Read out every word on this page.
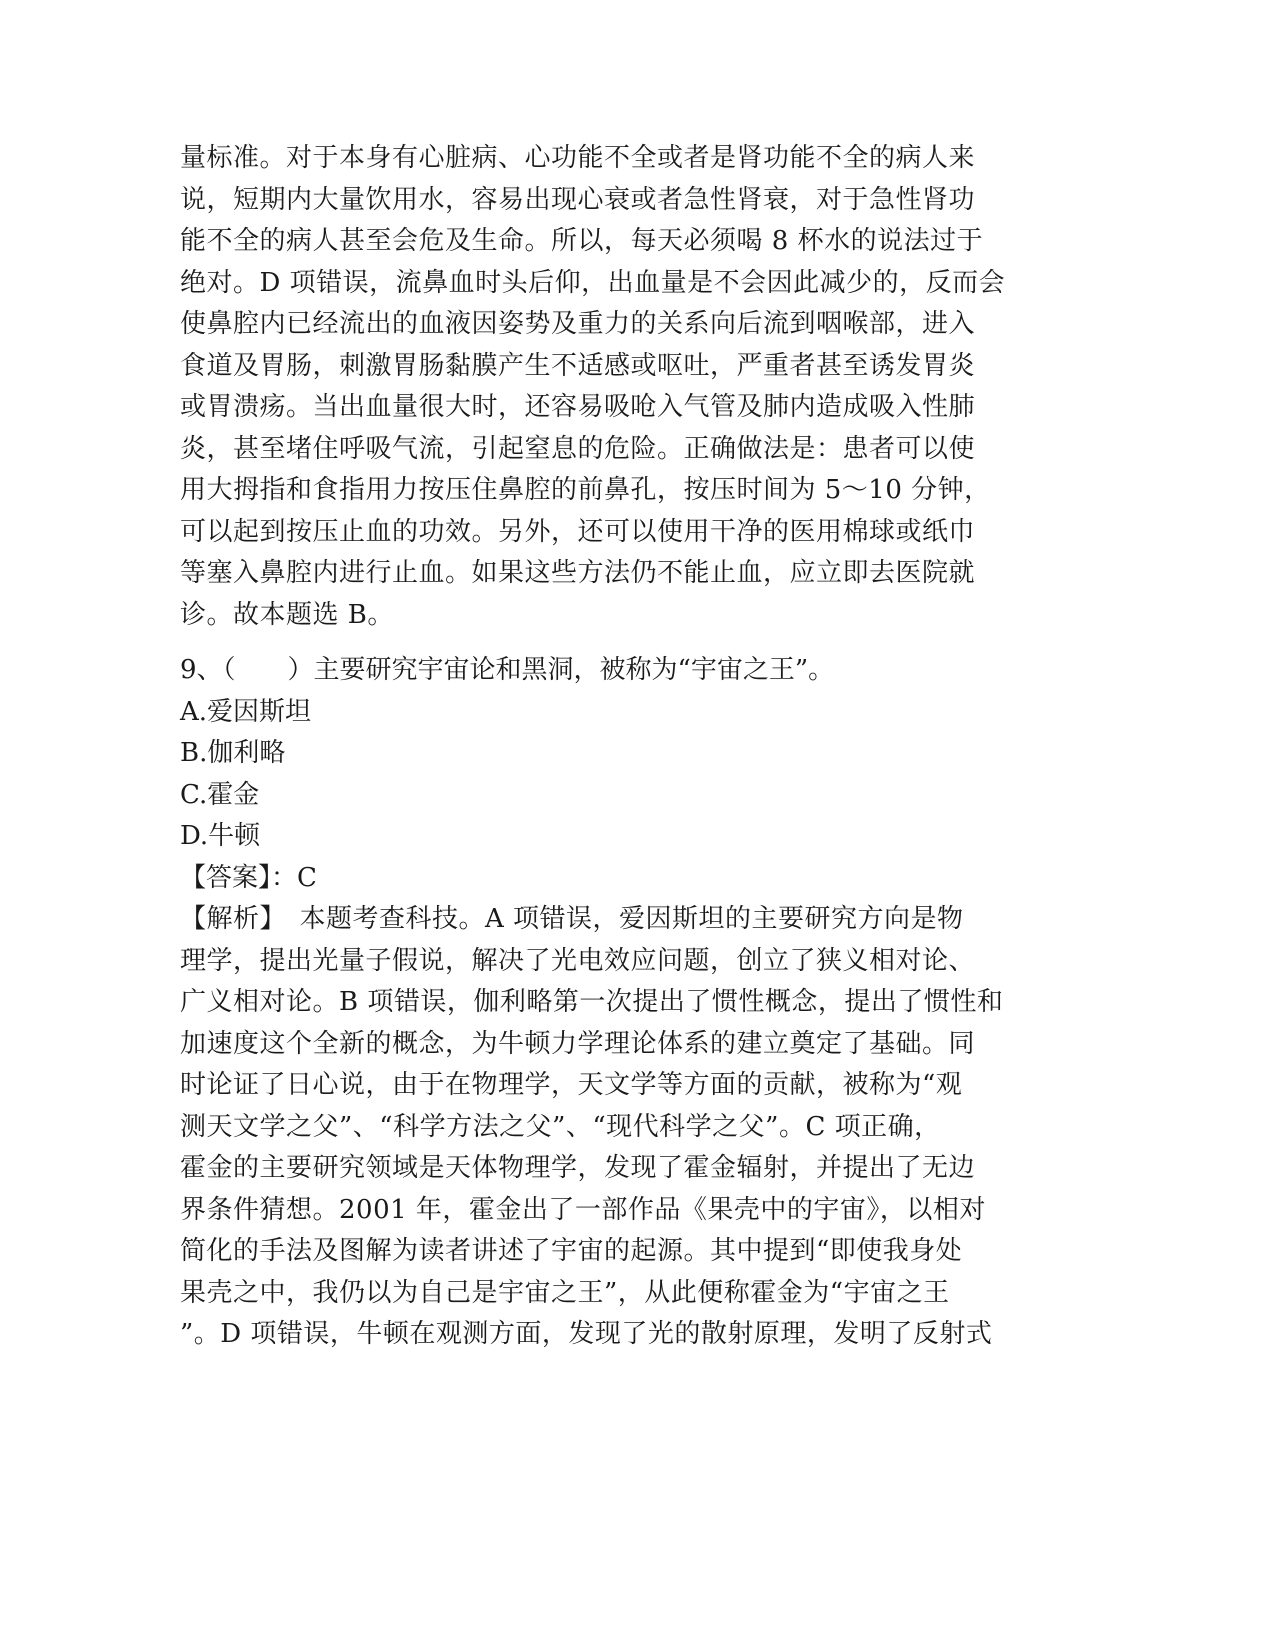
量标准。对于本身有心脏病、心功能不全或者是肾功能不全的病人来
说，短期内大量饮用水，容易出现心衰或者急性肾衰，对于急性肾功
能不全的病人甚至会危及生命。所以，每天必须喝 8 杯水的说法过于
绝对。D 项错误，流鼻血时头后仰，出血量是不会因此减少的，反而会
使鼻腔内已经流出的血液因姿势及重力的关系向后流到咽喉部，进入
食道及胃肠，刺激胃肠黏膜产生不适感或呕吐，严重者甚至诱发胃炎
或胃溃疡。当出血量很大时，还容易吸呛入气管及肺内造成吸入性肺
炎，甚至堵住呼吸气流，引起窒息的危险。正确做法是：患者可以使
用大拇指和食指用力按压住鼻腔的前鼻孔，按压时间为 5～10 分钟，
可以起到按压止血的功效。另外，还可以使用干净的医用棉球或纸巾
等塞入鼻腔内进行止血。如果这些方法仍不能止血，应立即去医院就
诊。故本题选 B。
9、（　　）主要研究宇宙论和黑洞，被称为“宇宙之王”。
A.爱因斯坦
B.伽利略
C.霍金
D.牛顿
【答案】：C
【解析】　本题考查科技。A 项错误，爱因斯坦的主要研究方向是物
理学，提出光量子假说，解决了光电效应问题，创立了狭义相对论、
广义相对论。B 项错误，伽利略第一次提出了惯性概念，提出了惯性和
加速度这个全新的概念，为牛顿力学理论体系的建立奠定了基础。同
时论证了日心说，由于在物理学，天文学等方面的贡献，被称为“观
测天文学之父”、“科学方法之父”、“现代科学之父”。C 项正确，
霍金的主要研究领域是天体物理学，发现了霍金辐射，并提出了无边
界条件猜想。2001 年，霍金出了一部作品《果壳中的宇宙》，以相对
简化的手法及图解为读者讲述了宇宙的起源。其中提到“即使我身处
果壳之中，我仍以为自己是宇宙之王”，从此便称霍金为“宇宙之王
”。D 项错误，牛顿在观测方面，发现了光的散射原理，发明了反射式
